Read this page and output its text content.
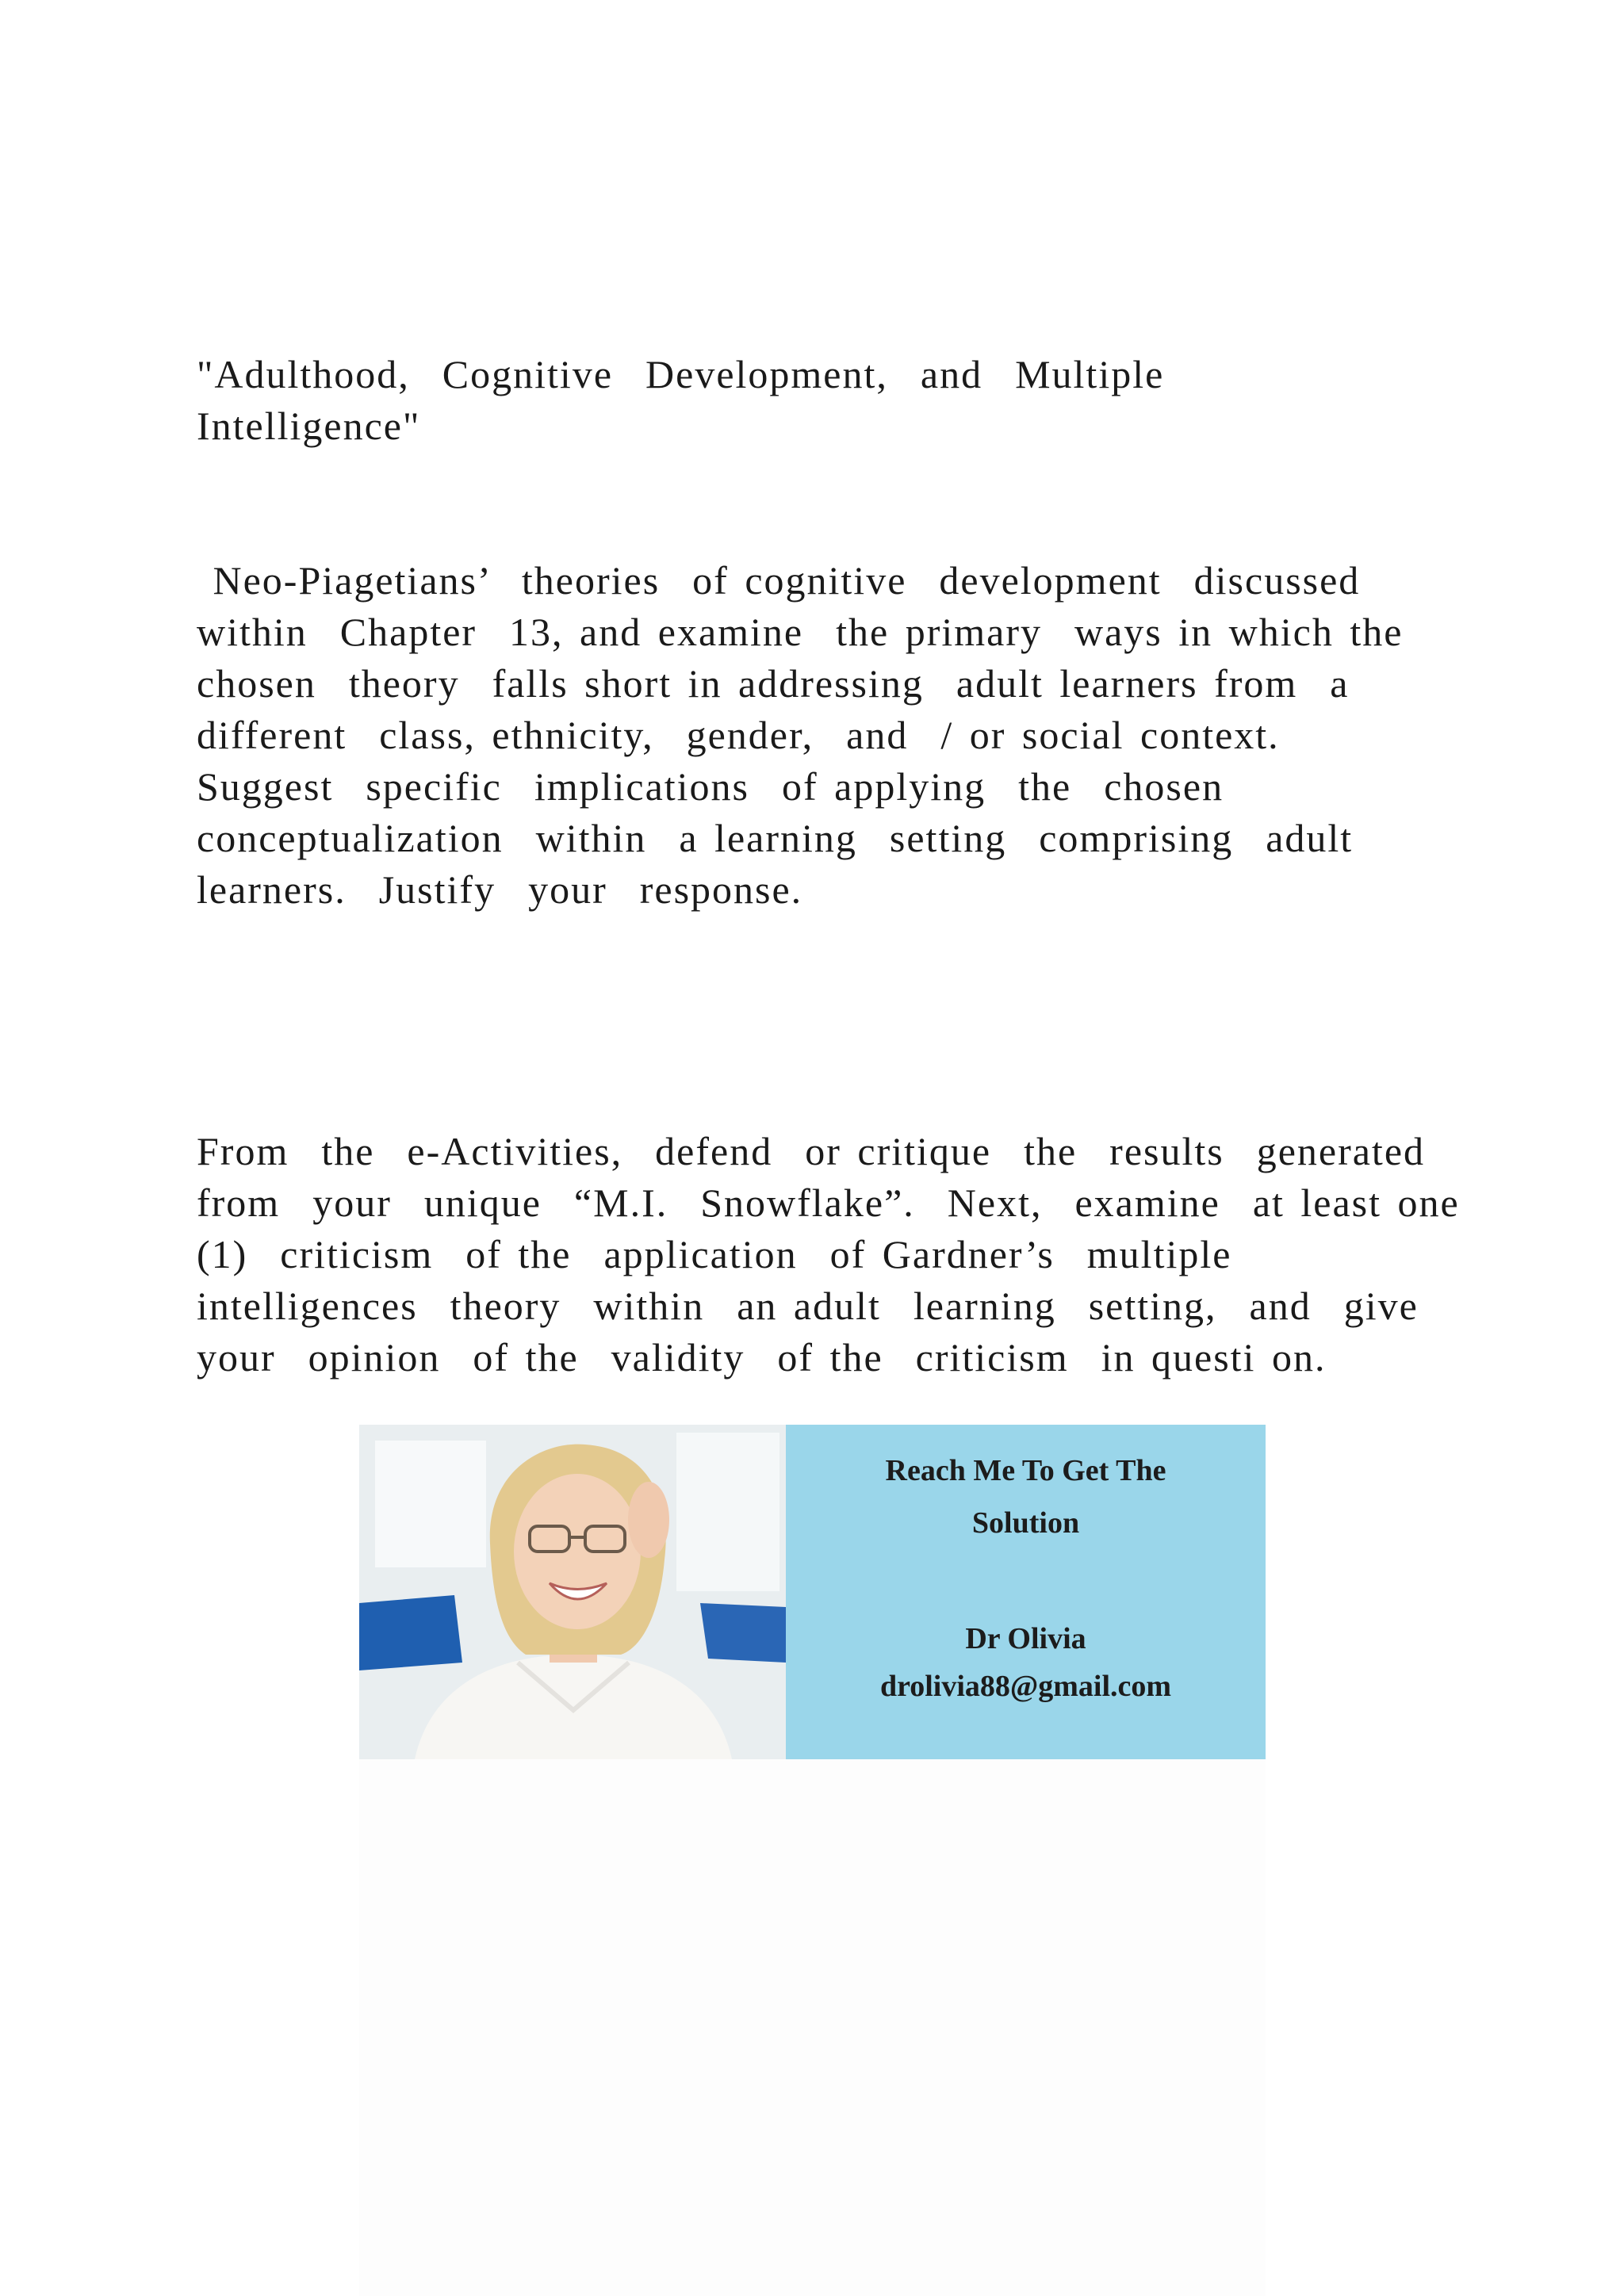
"Adulthood,  Cognitive  Development,  and  Multiple
Intelligence"
Neo-Piagetians’  theories  of cognitive  development  discussed
within  Chapter  13, and examine  the primary  ways in which the
chosen  theory  falls short in addressing  adult learners from  a
different  class, ethnicity,  gender,  and  / or social context.
Suggest  specific  implications  of applying  the  chosen
conceptualization  within  a learning  setting  comprising  adult
learners.  Justify  your  response.
From  the  e-Activities,  defend  or critique  the  results  generated
from  your  unique  “M.I.  Snowflake”.  Next,  examine  at least one
(1)  criticism  of the  application  of Gardner’s  multiple
intelligences  theory  within  an adult  learning  setting,  and  give
your  opinion  of the  validity  of the  criticism  in questi on.
Reach Me To Get The
Solution
Dr Olivia
drolivia88@gmail.com
